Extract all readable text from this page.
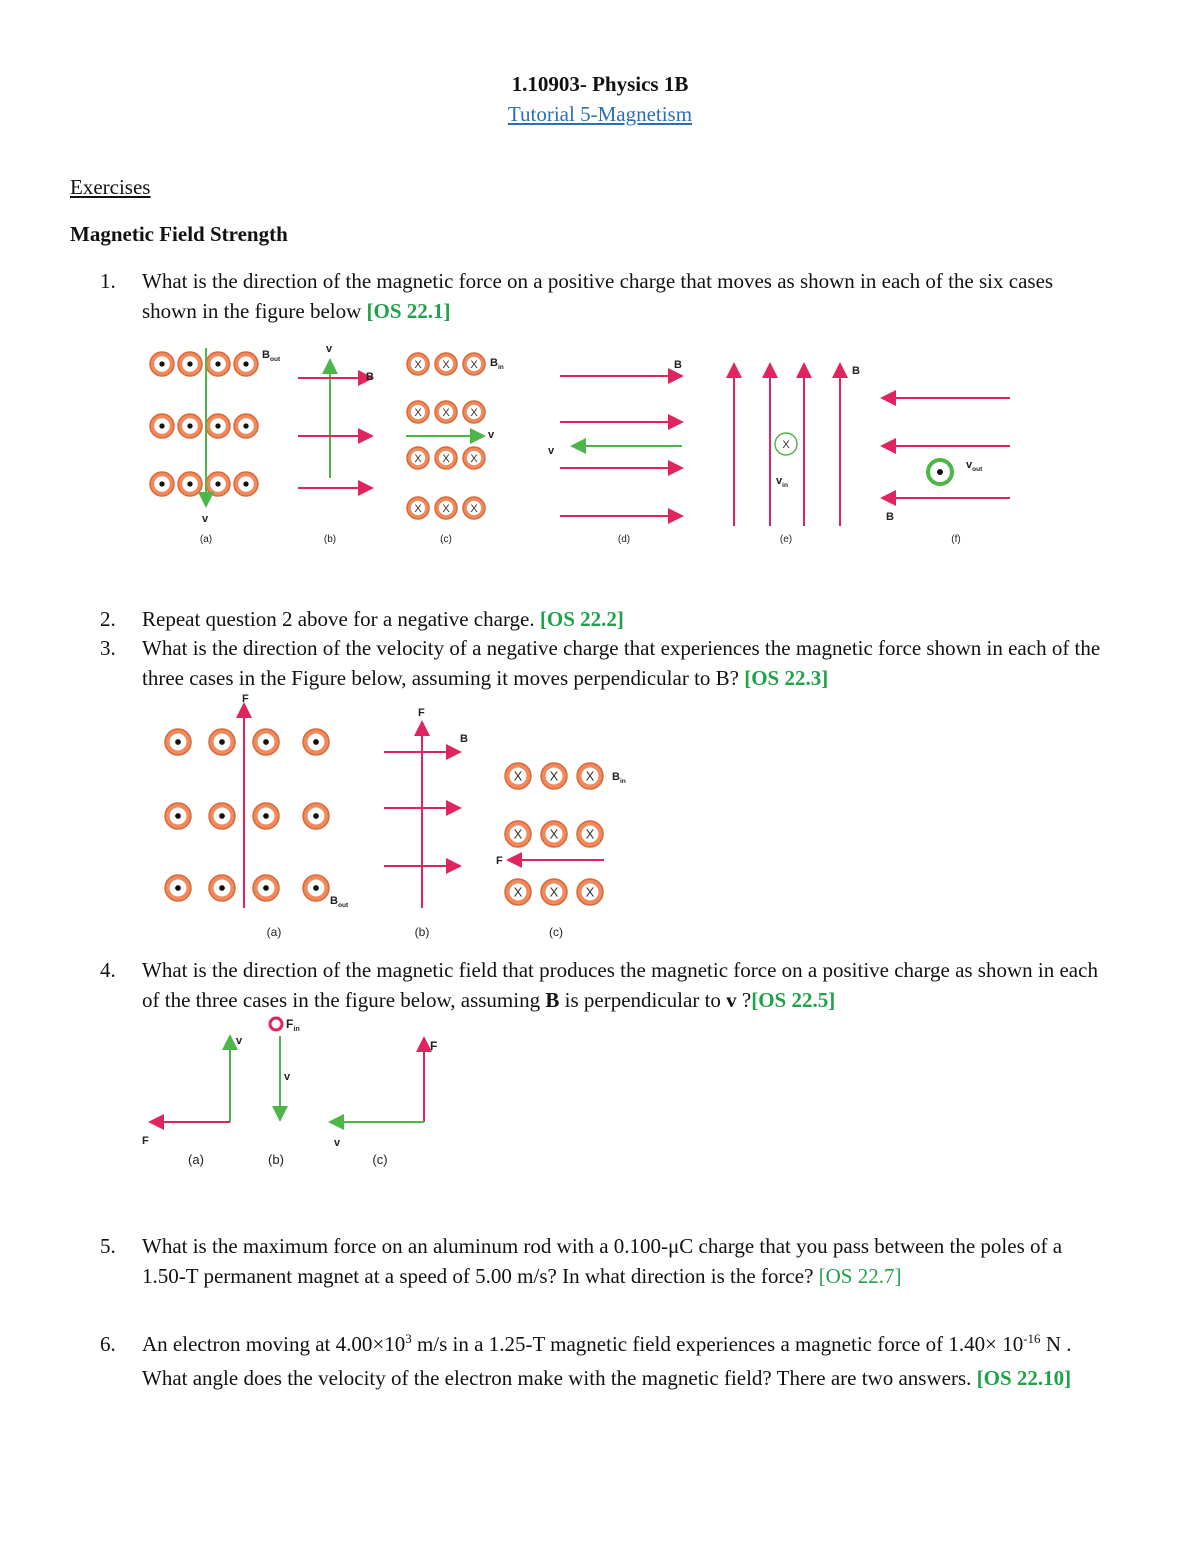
1.10903- Physics 1B
Tutorial 5-Magnetism
Exercises
Magnetic Field Strength
1. What is the direction of the magnetic force on a positive charge that moves as shown in each of the six cases shown in the figure below [OS 22.1]
$B_{out}$
v
v
B
X X X
X X X
X X X
X X X
$B_{in}$
v
B
v
X
B
$v_{in}$
$v_{out}$
B
(a)	(b)	(c)	(d)	(e)	(f)
2. Repeat question 2 above for a negative charge. [OS 22.2]
3. What is the direction of the velocity of a negative charge that experiences the magnetic force shown in each of the three cases in the Figure below, assuming it moves perpendicular to B? [OS 22.3]
F
$B_{out}$
F
B
X X X
X X X
X X X
F
$B_{in}$
(a)	(b)	(c)
4. What is the direction of the magnetic field that produces the magnetic force on a positive charge as shown in each of the three cases in the figure below, assuming B is perpendicular to v ?[OS 22.5]
v
F
$F_{in}$
v
F
v
(a)	(b)	(c)
5. What is the maximum force on an aluminum rod with a 0.100-μC charge that you pass between the poles of a 1.50-T permanent magnet at a speed of 5.00 m/s? In what direction is the force? [OS 22.7]
6. An electron moving at $4.00\times 10^3$ m/s in a 1.25-T magnetic field experiences a magnetic force of $1.40\times 10^{-16}$ N . What angle does the velocity of the electron make with the magnetic field? There are two answers. [OS 22.10]
